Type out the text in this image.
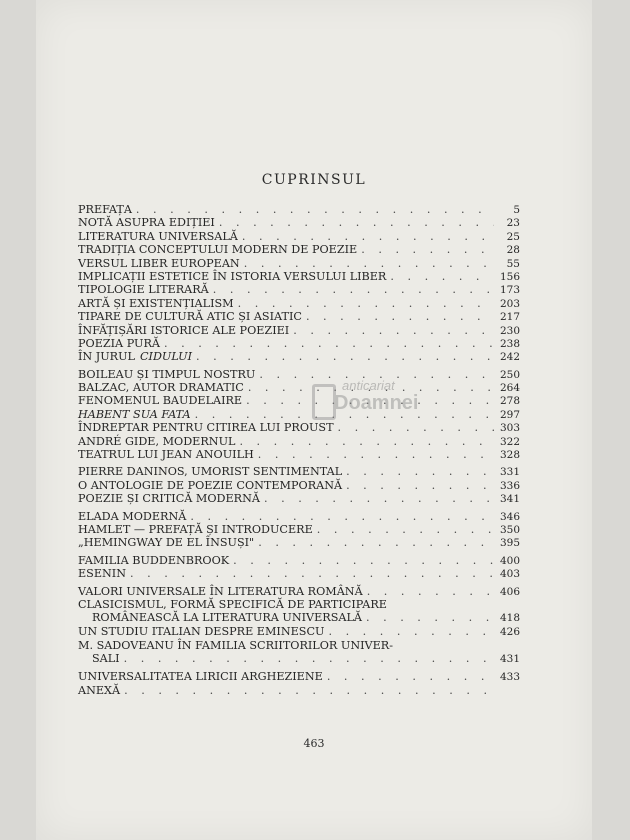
CUPRINSUL
PREFAȚA . . .	5
NOTĂ ASUPRA EDIȚIEI . . .	23
LITERATURA UNIVERSALĂ . . .	25
TRADIȚIA CONCEPTULUI MODERN DE POEZIE . . .	28
VERSUL LIBER EUROPEAN . . .	55
IMPLICAȚII ESTETICE ÎN ISTORIA VERSULUI LIBER . . .	156
TIPOLOGIE LITERARĂ . . .	173
ARTĂ ȘI EXISTENȚIALISM . . .	203
TIPARE DE CULTURĂ ATIC ȘI ASIATIC . . .	217
ÎNFĂȚIȘĂRI ISTORICE ALE POEZIEI . . .	230
POEZIA PURĂ . . .	238
ÎN JURUL CIDULUI . . .	242
BOILEAU ȘI TIMPUL NOSTRU . . .	250
BALZAC, AUTOR DRAMATIC . . .	264
FENOMENUL BAUDELAIRE . . .	278
HABENT SUA FATA . . .	297
ÎNDREPTAR PENTRU CITIREA LUI PROUST . . .	303
ANDRÉ GIDE, MODERNUL . . .	322
TEATRUL LUI JEAN ANOUILH . . .	328
PIERRE DANINOS, UMORIST SENTIMENTAL . . .	331
O ANTOLOGIE DE POEZIE CONTEMPORANĂ . . .	336
POEZIE ȘI CRITICĂ MODERNĂ . . .	341
ELADA MODERNĂ . . .	346
HAMLET — PREFAȚĂ ȘI INTRODUCERE . . .	350
„HEMINGWAY DE EL ÎNSUȘI" . . .	395
FAMILIA BUDDENBROOK . . .	400
ESENIN . . .	403
VALORI UNIVERSALE ÎN LITERATURA ROMÂNĂ . . .	406
CLASICISMUL, FORMĂ SPECIFICĂ DE PARTICIPARE
ROMÂNEASCĂ LA LITERATURA UNIVERSALĂ . . .	418
UN STUDIU ITALIAN DESPRE EMINESCU . . .	426
M. SADOVEANU ÎN FAMILIA SCRIITORILOR UNIVER-
SALI . . .	431
UNIVERSALITATEA LIRICII ARGHEZIENE . . .	433
ANEXĂ
. . .
anticariat
Doamnei
463
